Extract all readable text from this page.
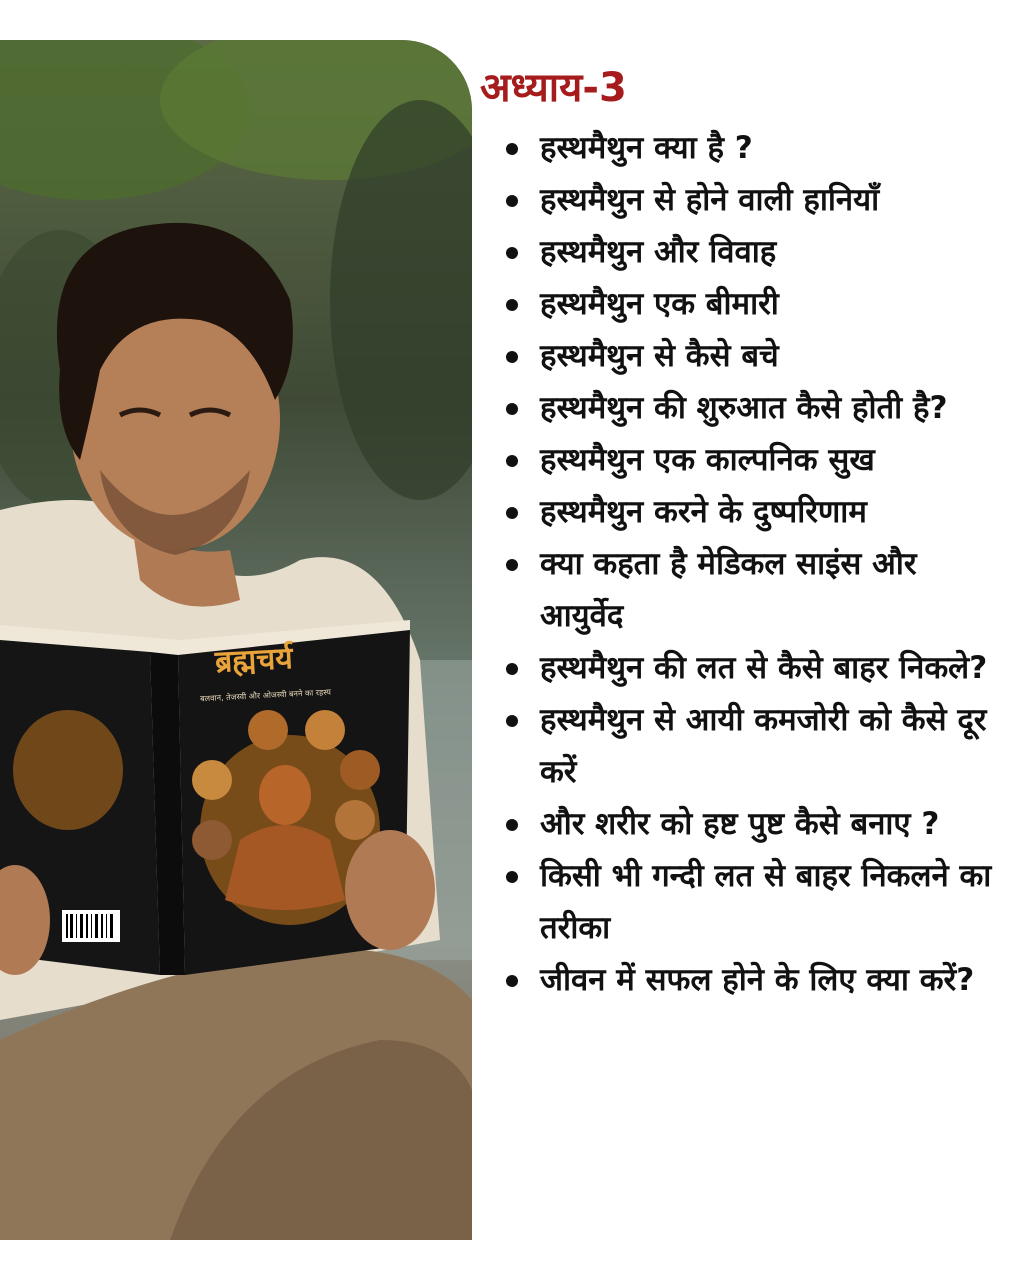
ब्रह्मचर्य
बलवान, तेजस्वी और ओजस्वी बनने का रहस्य
अध्याय-3
हस्थमैथुन क्या है ?
हस्थमैथुन से होने वाली हानियाँ
हस्थमैथुन और विवाह
हस्थमैथुन एक बीमारी
हस्थमैथुन से कैसे बचे
हस्थमैथुन की शुरुआत कैसे होती है?
हस्थमैथुन एक काल्पनिक सुख
हस्थमैथुन करने के दुष्परिणाम
क्या कहता है मेडिकल साइंस और आयुर्वेद
हस्थमैथुन की लत से कैसे बाहर निकले?
हस्थमैथुन से आयी कमजोरी को कैसे दूर करें
और शरीर को हष्ट पुष्ट कैसे बनाए ?
किसी भी गन्दी लत से बाहर निकलने का तरीका
जीवन में सफल होने के लिए क्या करें?
